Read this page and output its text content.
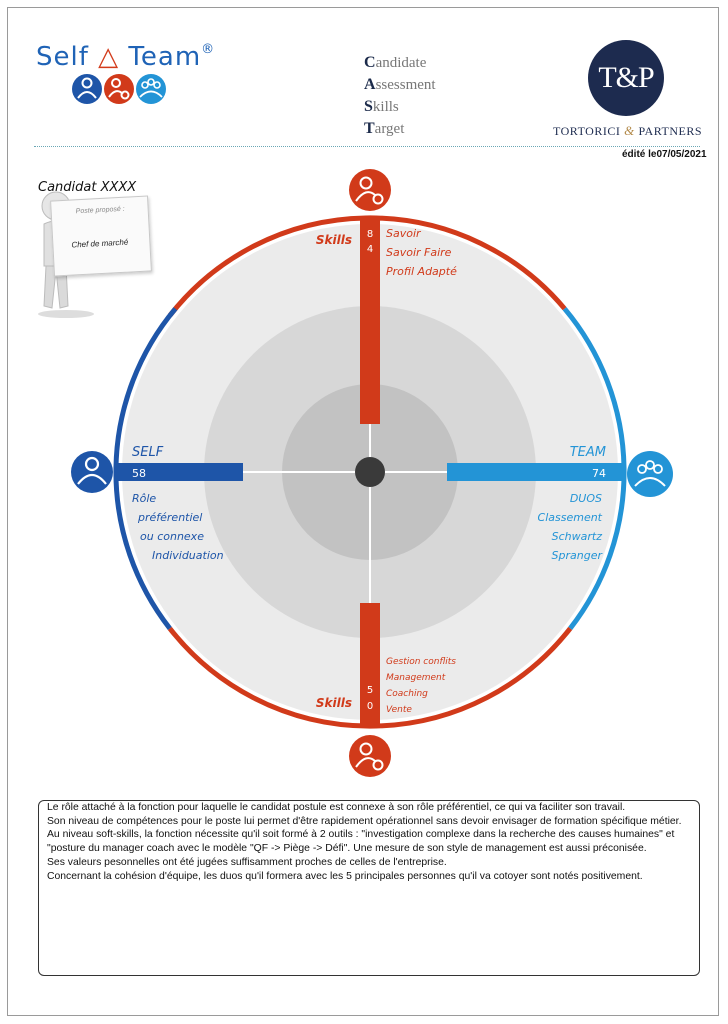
Self △ Team®
Candidate
Assessment
Skills
Target
T&P
TORTORICI & PARTNERS
édité le07/05/2021
Candidat XXXX
Poste proposé :
Chef de marché
8
4
Skills	Savoir
Savoir Faire
Profil Adapté
5
0
Skills
Gestion conflits
Management
Coaching
Vente
SELF
58
Rôle
préférentiel
ou connexe
Individuation
TEAM
74
DUOS
Classement
Schwartz
Spranger

Le rôle attaché à la fonction pour laquelle le candidat postule est connexe à son rôle préférentiel, ce qui va faciliter son travail.

Son niveau de compétences pour le poste lui permet d'être rapidement opérationnel sans devoir envisager de formation spécifique métier. Au niveau soft-skills, la fonction nécessite qu'il soit formé à 2 outils : "investigation complexe dans la recherche des causes humaines" et "posture du manager coach avec le modèle "QF -> Piège -> Défi". Une mesure de son style de management est aussi préconisée.

Ses valeurs pesonnelles ont été jugées suffisamment proches de celles de l'entreprise.

Concernant la cohésion d'équipe, les duos qu'il formera avec les 5 principales personnes qu'il va cotoyer sont notés positivement.
